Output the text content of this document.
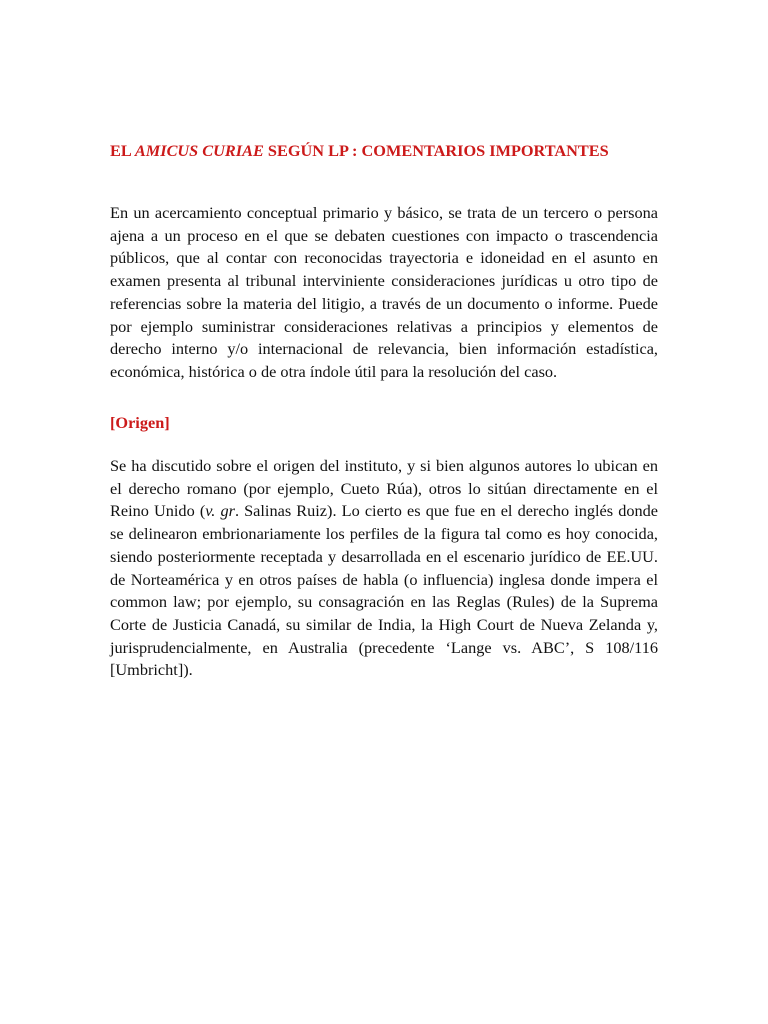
EL AMICUS CURIAE SEGÚN LP : COMENTARIOS IMPORTANTES

En un acercamiento conceptual primario y básico, se trata de un tercero o persona ajena a un proceso en el que se debaten cuestiones con impacto o trascendencia públicos, que al contar con reconocidas trayectoria e idoneidad en el asunto en examen presenta al tribunal interviniente consideraciones jurídicas u otro tipo de referencias sobre la materia del litigio, a través de un documento o informe. Puede por ejemplo suministrar consideraciones relativas a principios y elementos de derecho interno y/o internacional de relevancia, bien información estadística, económica, histórica o de otra índole útil para la resolución del caso.

[Origen]

Se ha discutido sobre el origen del instituto, y si bien algunos autores lo ubican en el derecho romano (por ejemplo, Cueto Rúa), otros lo sitúan directamente en el Reino Unido (v. gr. Salinas Ruiz). Lo cierto es que fue en el derecho inglés donde se delinearon embrionariamente los perfiles de la figura tal como es hoy conocida, siendo posteriormente receptada y desarrollada en el escenario jurídico de EE.UU. de Norteamérica y en otros países de habla (o influencia) inglesa donde impera el common law; por ejemplo, su consagración en las Reglas (Rules) de la Suprema Corte de Justicia Canadá, su similar de India, la High Court de Nueva Zelanda y, jurisprudencialmente, en Australia (precedente ‘Lange vs. ABC’, S 108/116 [Umbricht]).
